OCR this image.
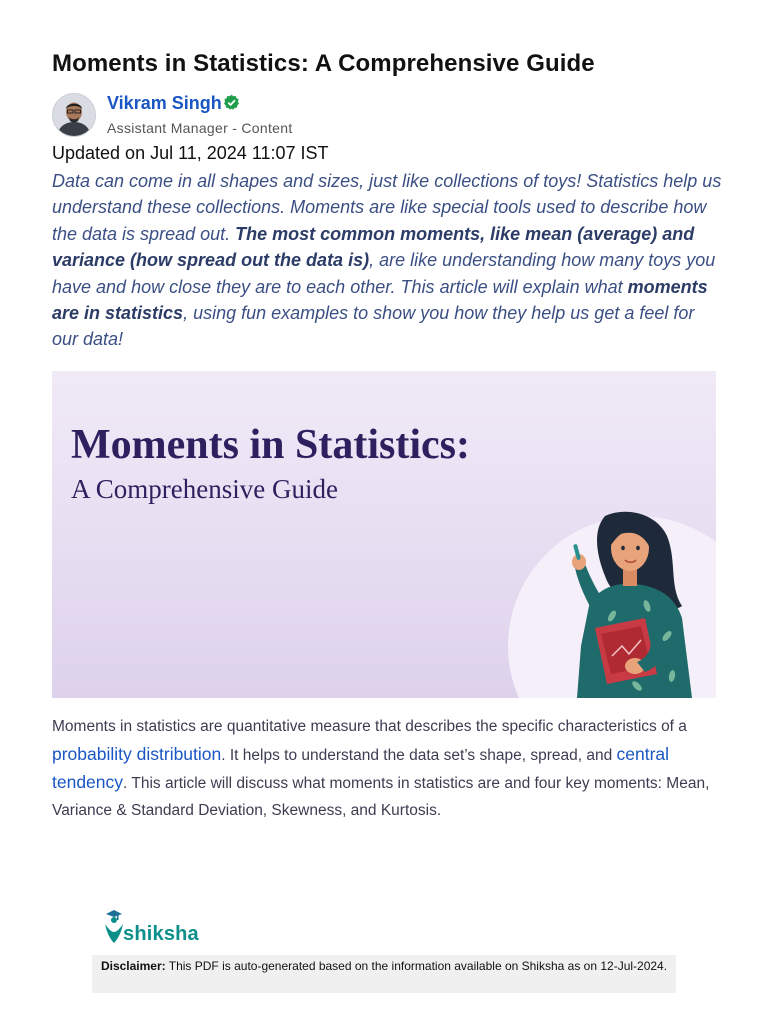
Moments in Statistics: A Comprehensive Guide
Vikram Singh
Assistant Manager - Content
Updated on Jul 11, 2024 11:07 IST
Data can come in all shapes and sizes, just like collections of toys! Statistics help us understand these collections. Moments are like special tools used to describe how the data is spread out. The most common moments, like mean (average) and variance (how spread out the data is), are like understanding how many toys you have and how close they are to each other. This article will explain what moments are in statistics, using fun examples to show you how they help us get a feel for our data!
Moments in Statistics:
A Comprehensive Guide
Moments in statistics are quantitative measure that describes the specific characteristics of a probability distribution. It helps to understand the data set’s shape, spread, and central tendency. This article will discuss what moments in statistics are and four key moments: Mean, Variance & Standard Deviation, Skewness, and Kurtosis.
shiksha
Disclaimer: This PDF is auto-generated based on the information available on Shiksha as on 12-Jul-2024.
